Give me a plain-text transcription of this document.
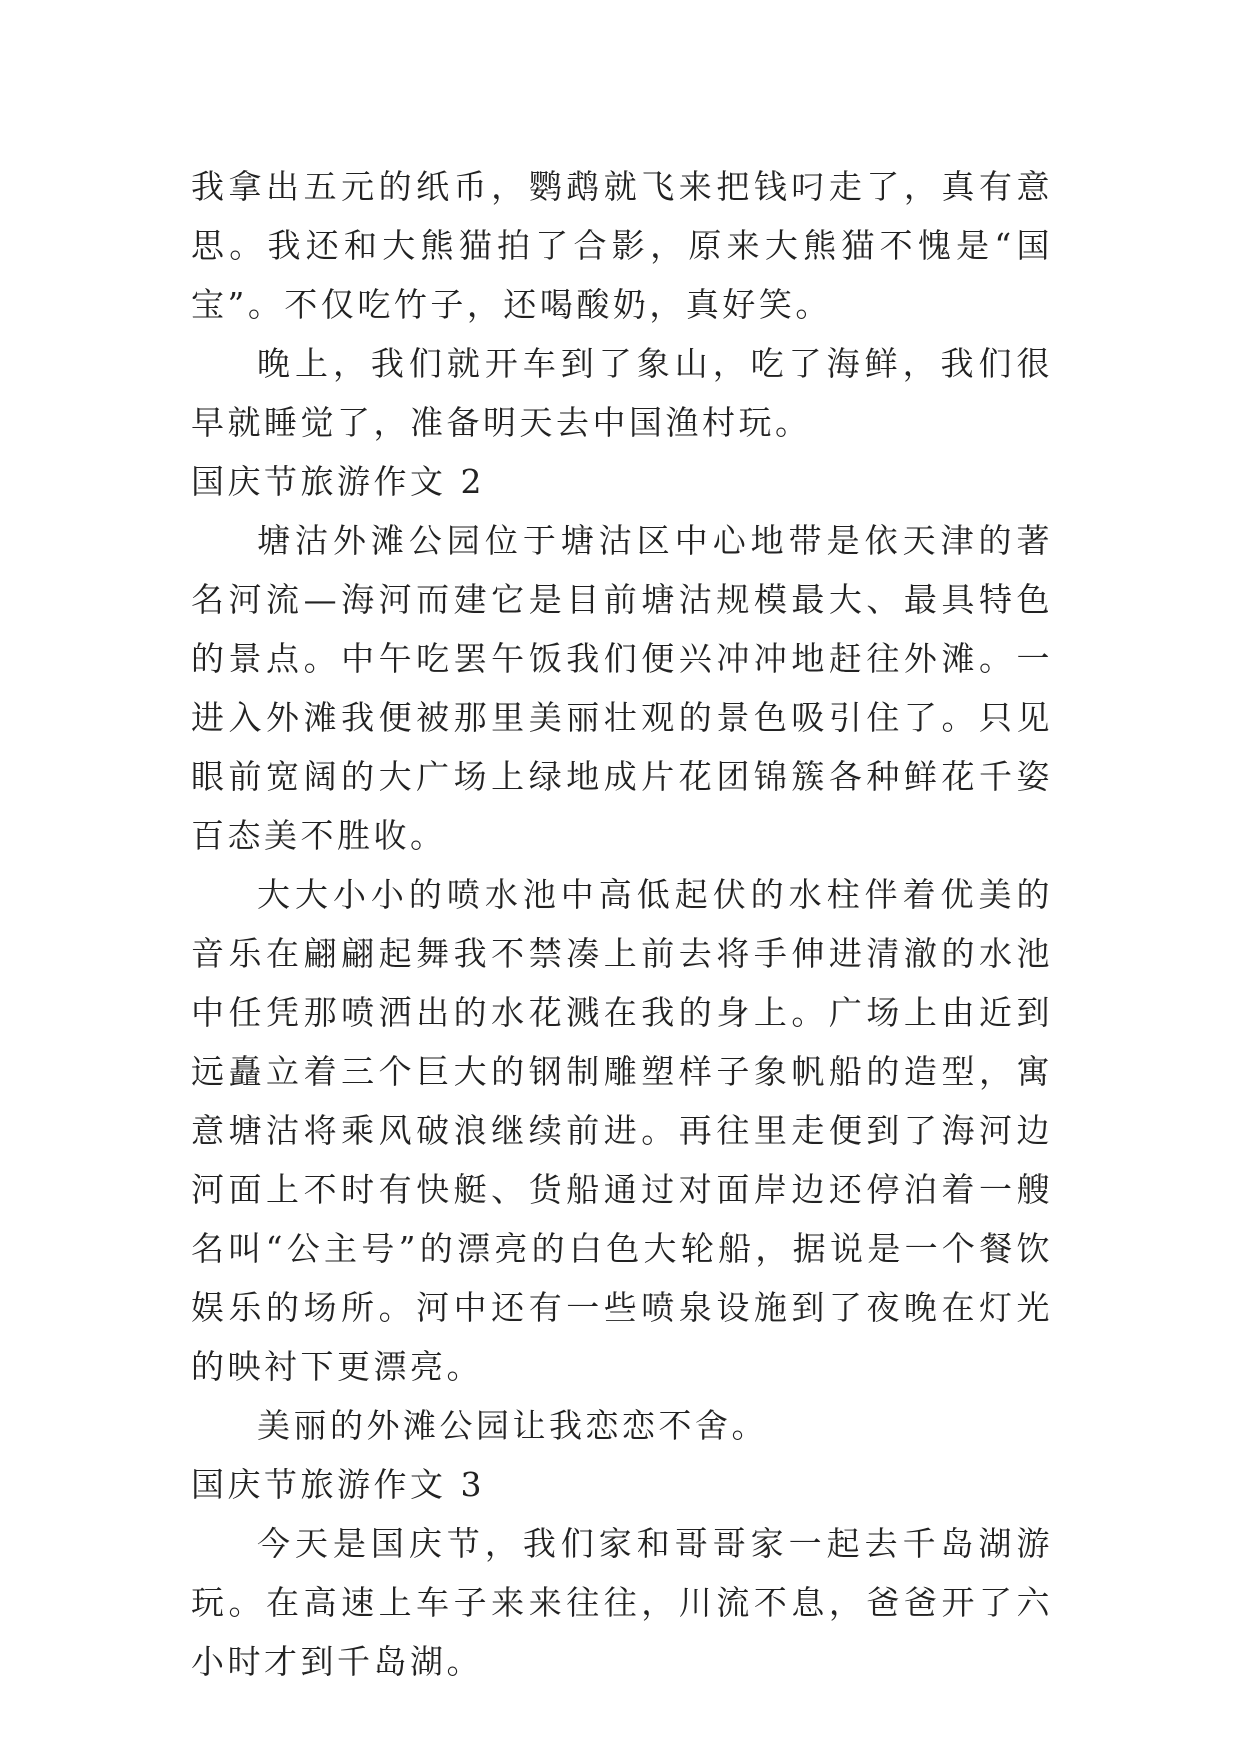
我拿出五元的纸币，鹦鹉就飞来把钱叼走了，真有意思。我还和大熊猫拍了合影，原来大熊猫不愧是“国宝”。不仅吃竹子，还喝酸奶，真好笑。

晚上，我们就开车到了象山，吃了海鲜，我们很早就睡觉了，准备明天去中国渔村玩。

国庆节旅游作文 2

塘沽外滩公园位于塘沽区中心地带是依天津的著名河流—海河而建它是目前塘沽规模最大、最具特色的景点。中午吃罢午饭我们便兴冲冲地赶往外滩。一进入外滩我便被那里美丽壮观的景色吸引住了。只见眼前宽阔的大广场上绿地成片花团锦簇各种鲜花千姿百态美不胜收。

大大小小的喷水池中高低起伏的水柱伴着优美的音乐在翩翩起舞我不禁凑上前去将手伸进清澈的水池中任凭那喷洒出的水花溅在我的身上。广场上由近到远矗立着三个巨大的钢制雕塑样子象帆船的造型，寓意塘沽将乘风破浪继续前进。再往里走便到了海河边河面上不时有快艇、货船通过对面岸边还停泊着一艘名叫“公主号”的漂亮的白色大轮船，据说是一个餐饮娱乐的场所。河中还有一些喷泉设施到了夜晚在灯光的映衬下更漂亮。

美丽的外滩公园让我恋恋不舍。

国庆节旅游作文 3

今天是国庆节，我们家和哥哥家一起去千岛湖游玩。在高速上车子来来往往，川流不息，爸爸开了六小时才到千岛湖。
